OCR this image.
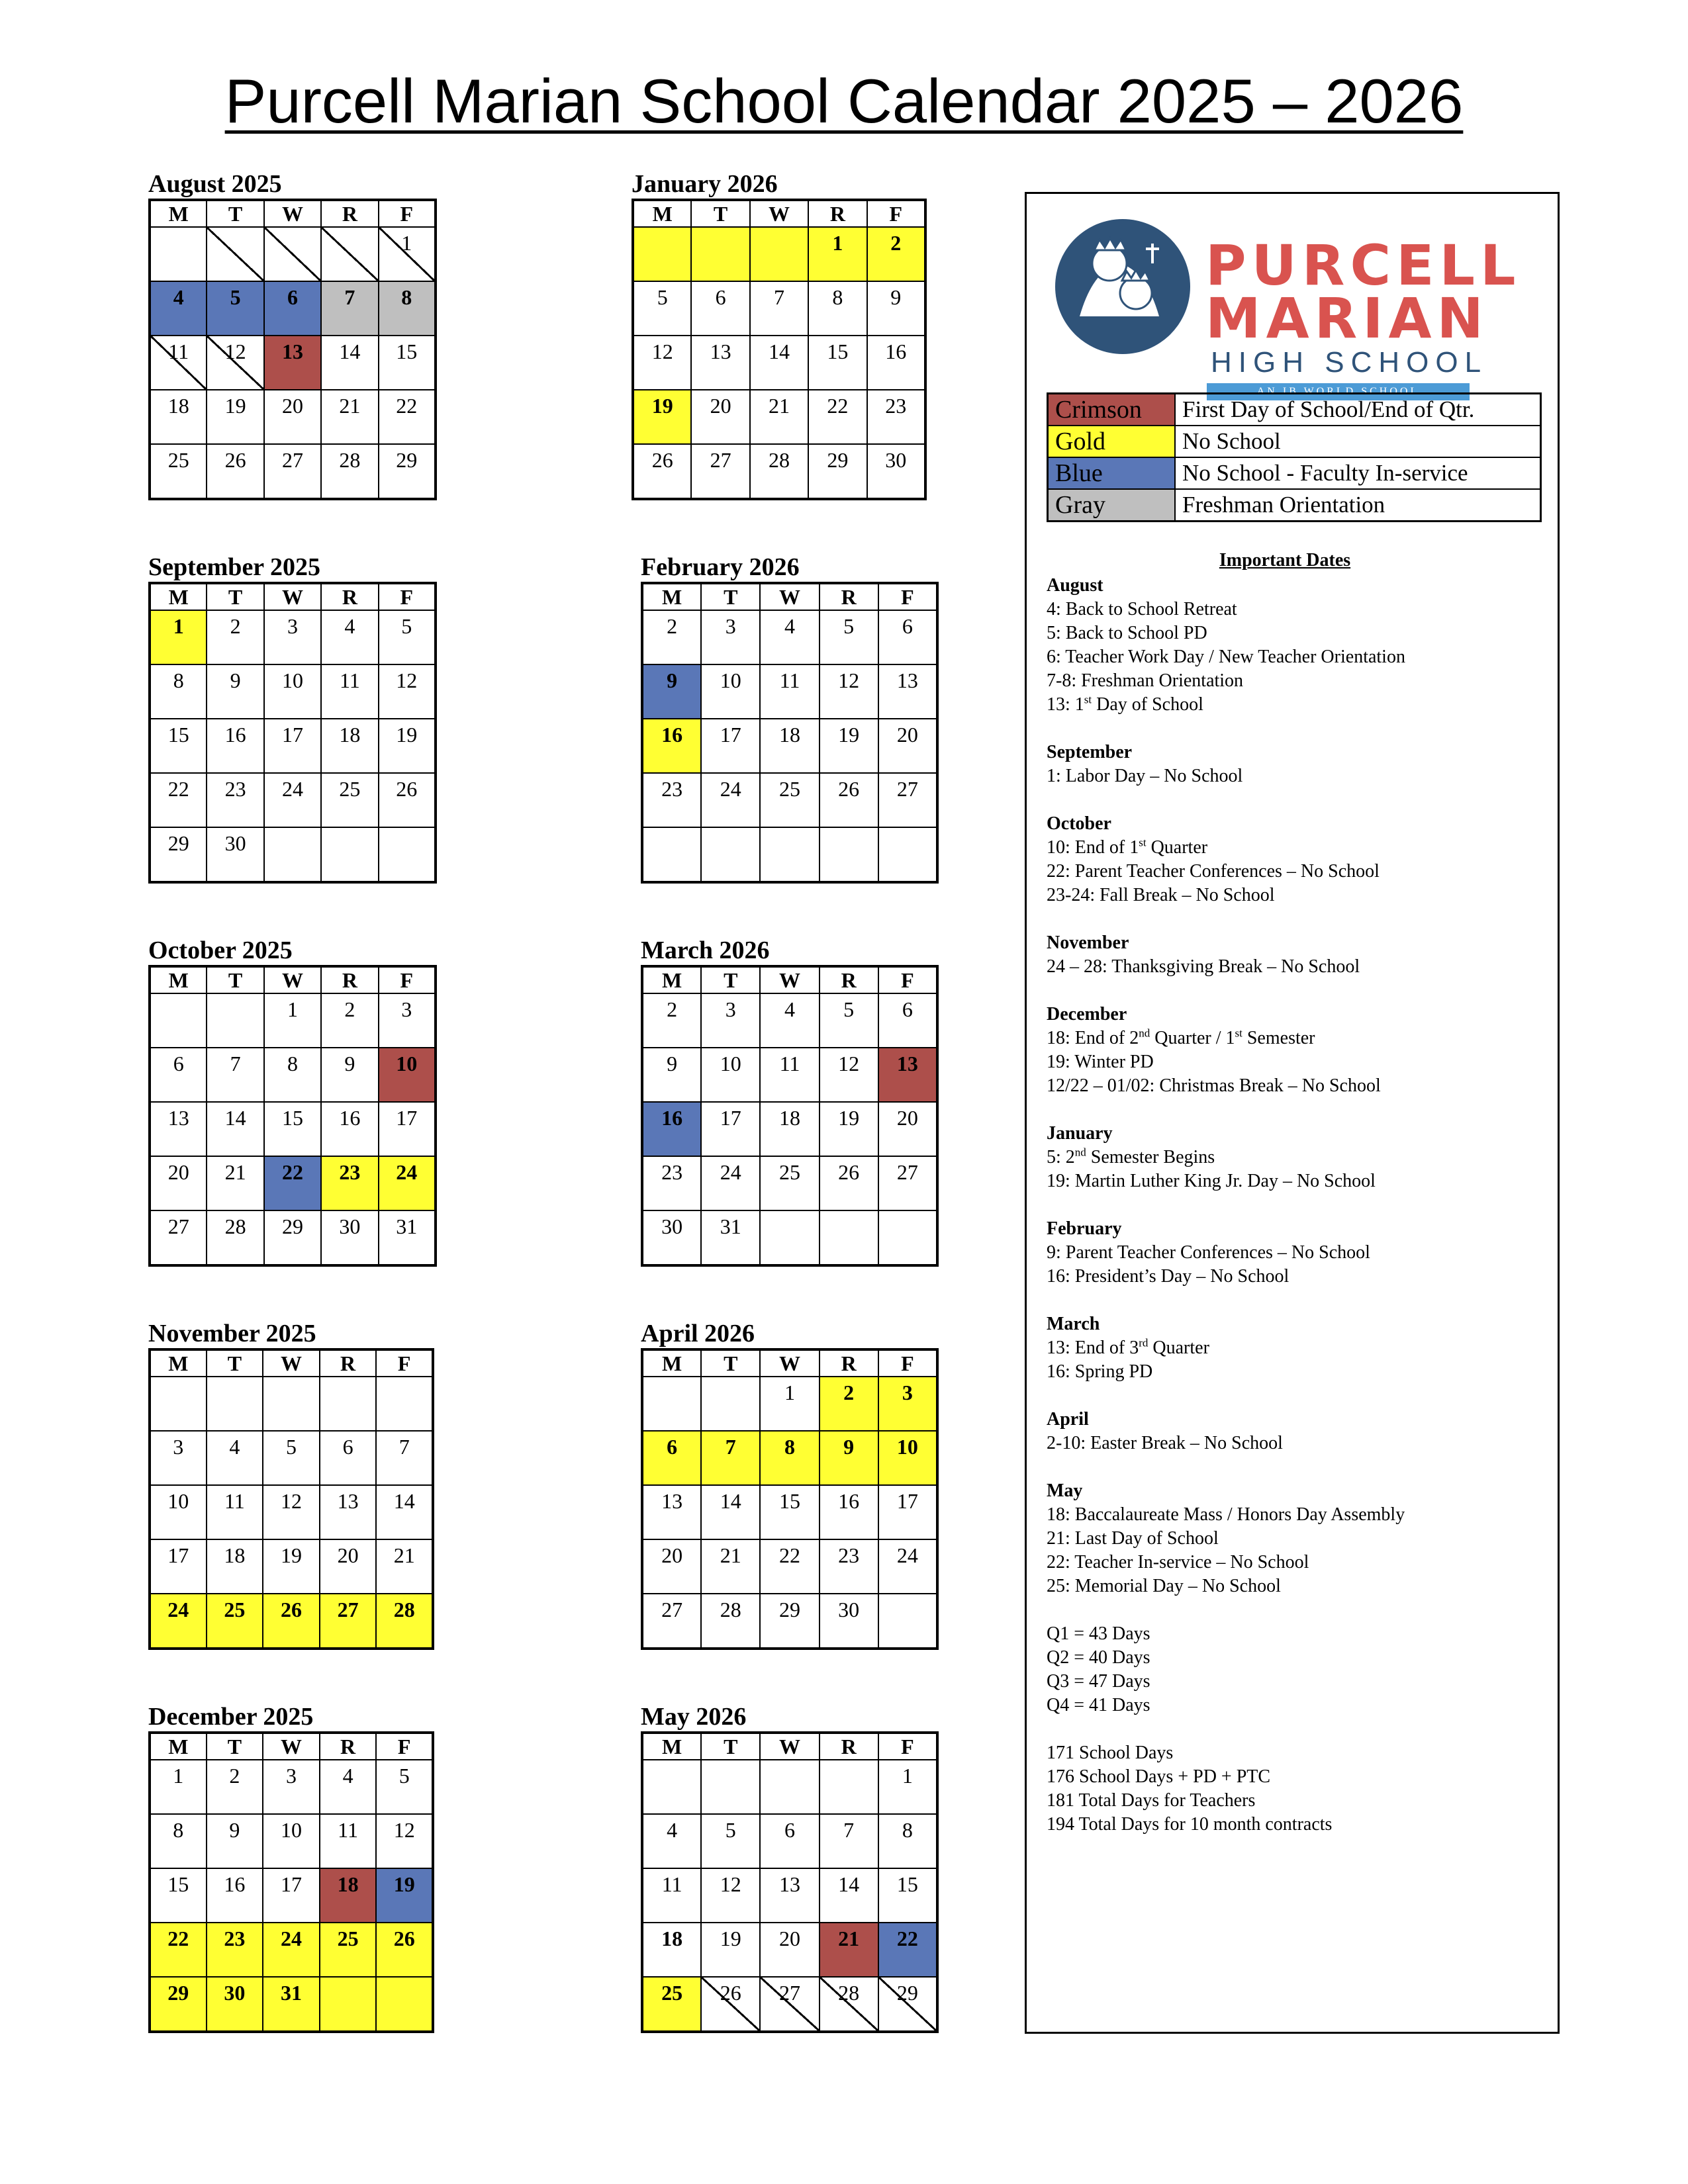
Purcell Marian School Calendar 2025 – 2026
August 2025
M	T	W	R	F
				1
4	5	6	7	8
11	12	13	14	15
18	19	20	21	22
25	26	27	28	29
September 2025
M	T	W	R	F
1	2	3	4	5
8	9	10	11	12
15	16	17	18	19
22	23	24	25	26
29	30			
October 2025
M	T	W	R	F
		1	2	3
6	7	8	9	10
13	14	15	16	17
20	21	22	23	24
27	28	29	30	31
November 2025
M	T	W	R	F

3	4	5	6	7
10	11	12	13	14
17	18	19	20	21
24	25	26	27	28
December 2025
M	T	W	R	F
1	2	3	4	5
8	9	10	11	12
15	16	17	18	19
22	23	24	25	26
29	30	31		
January 2026
M	T	W	R	F
			1	2
5	6	7	8	9
12	13	14	15	16
19	20	21	22	23
26	27	28	29	30
February 2026
M	T	W	R	F
2	3	4	5	6
9	10	11	12	13
16	17	18	19	20
23	24	25	26	27

March 2026
M	T	W	R	F
2	3	4	5	6
9	10	11	12	13
16	17	18	19	20
23	24	25	26	27
30	31			
April 2026
M	T	W	R	F
		1	2	3
6	7	8	9	10
13	14	15	16	17
20	21	22	23	24
27	28	29	30	
May 2026
M	T	W	R	F
				1
4	5	6	7	8
11	12	13	14	15
18	19	20	21	22
25	26	27	28	29
PURCELL
MARIAN
HIGH SCHOOL
AN IB WORLD SCHOOL
Crimson	First Day of School/End of Qtr.
Gold	No School
Blue	No School - Faculty In-service
Gray	Freshman Orientation
Important Dates
August
4: Back to School Retreat
5: Back to School PD
6: Teacher Work Day / New Teacher Orientation
7-8: Freshman Orientation
13: 1st Day of School
September
1: Labor Day – No School
October
10: End of 1st Quarter
22: Parent Teacher Conferences – No School
23-24: Fall Break – No School
November
24 – 28: Thanksgiving Break – No School
December
18: End of 2nd Quarter / 1st Semester
19: Winter PD
12/22 – 01/02: Christmas Break – No School
January
5: 2nd Semester Begins
19: Martin Luther King Jr. Day – No School
February
9: Parent Teacher Conferences – No School
16: President’s Day – No School
March
13: End of 3rd Quarter
16: Spring PD
April
2-10: Easter Break – No School
May
18: Baccalaureate Mass / Honors Day Assembly
21: Last Day of School
22: Teacher In-service – No School
25: Memorial Day – No School
Q1 = 43 Days
Q2 = 40 Days
Q3 = 47 Days
Q4 = 41 Days
171 School Days
176 School Days + PD + PTC
181 Total Days for Teachers
194 Total Days for 10 month contracts
